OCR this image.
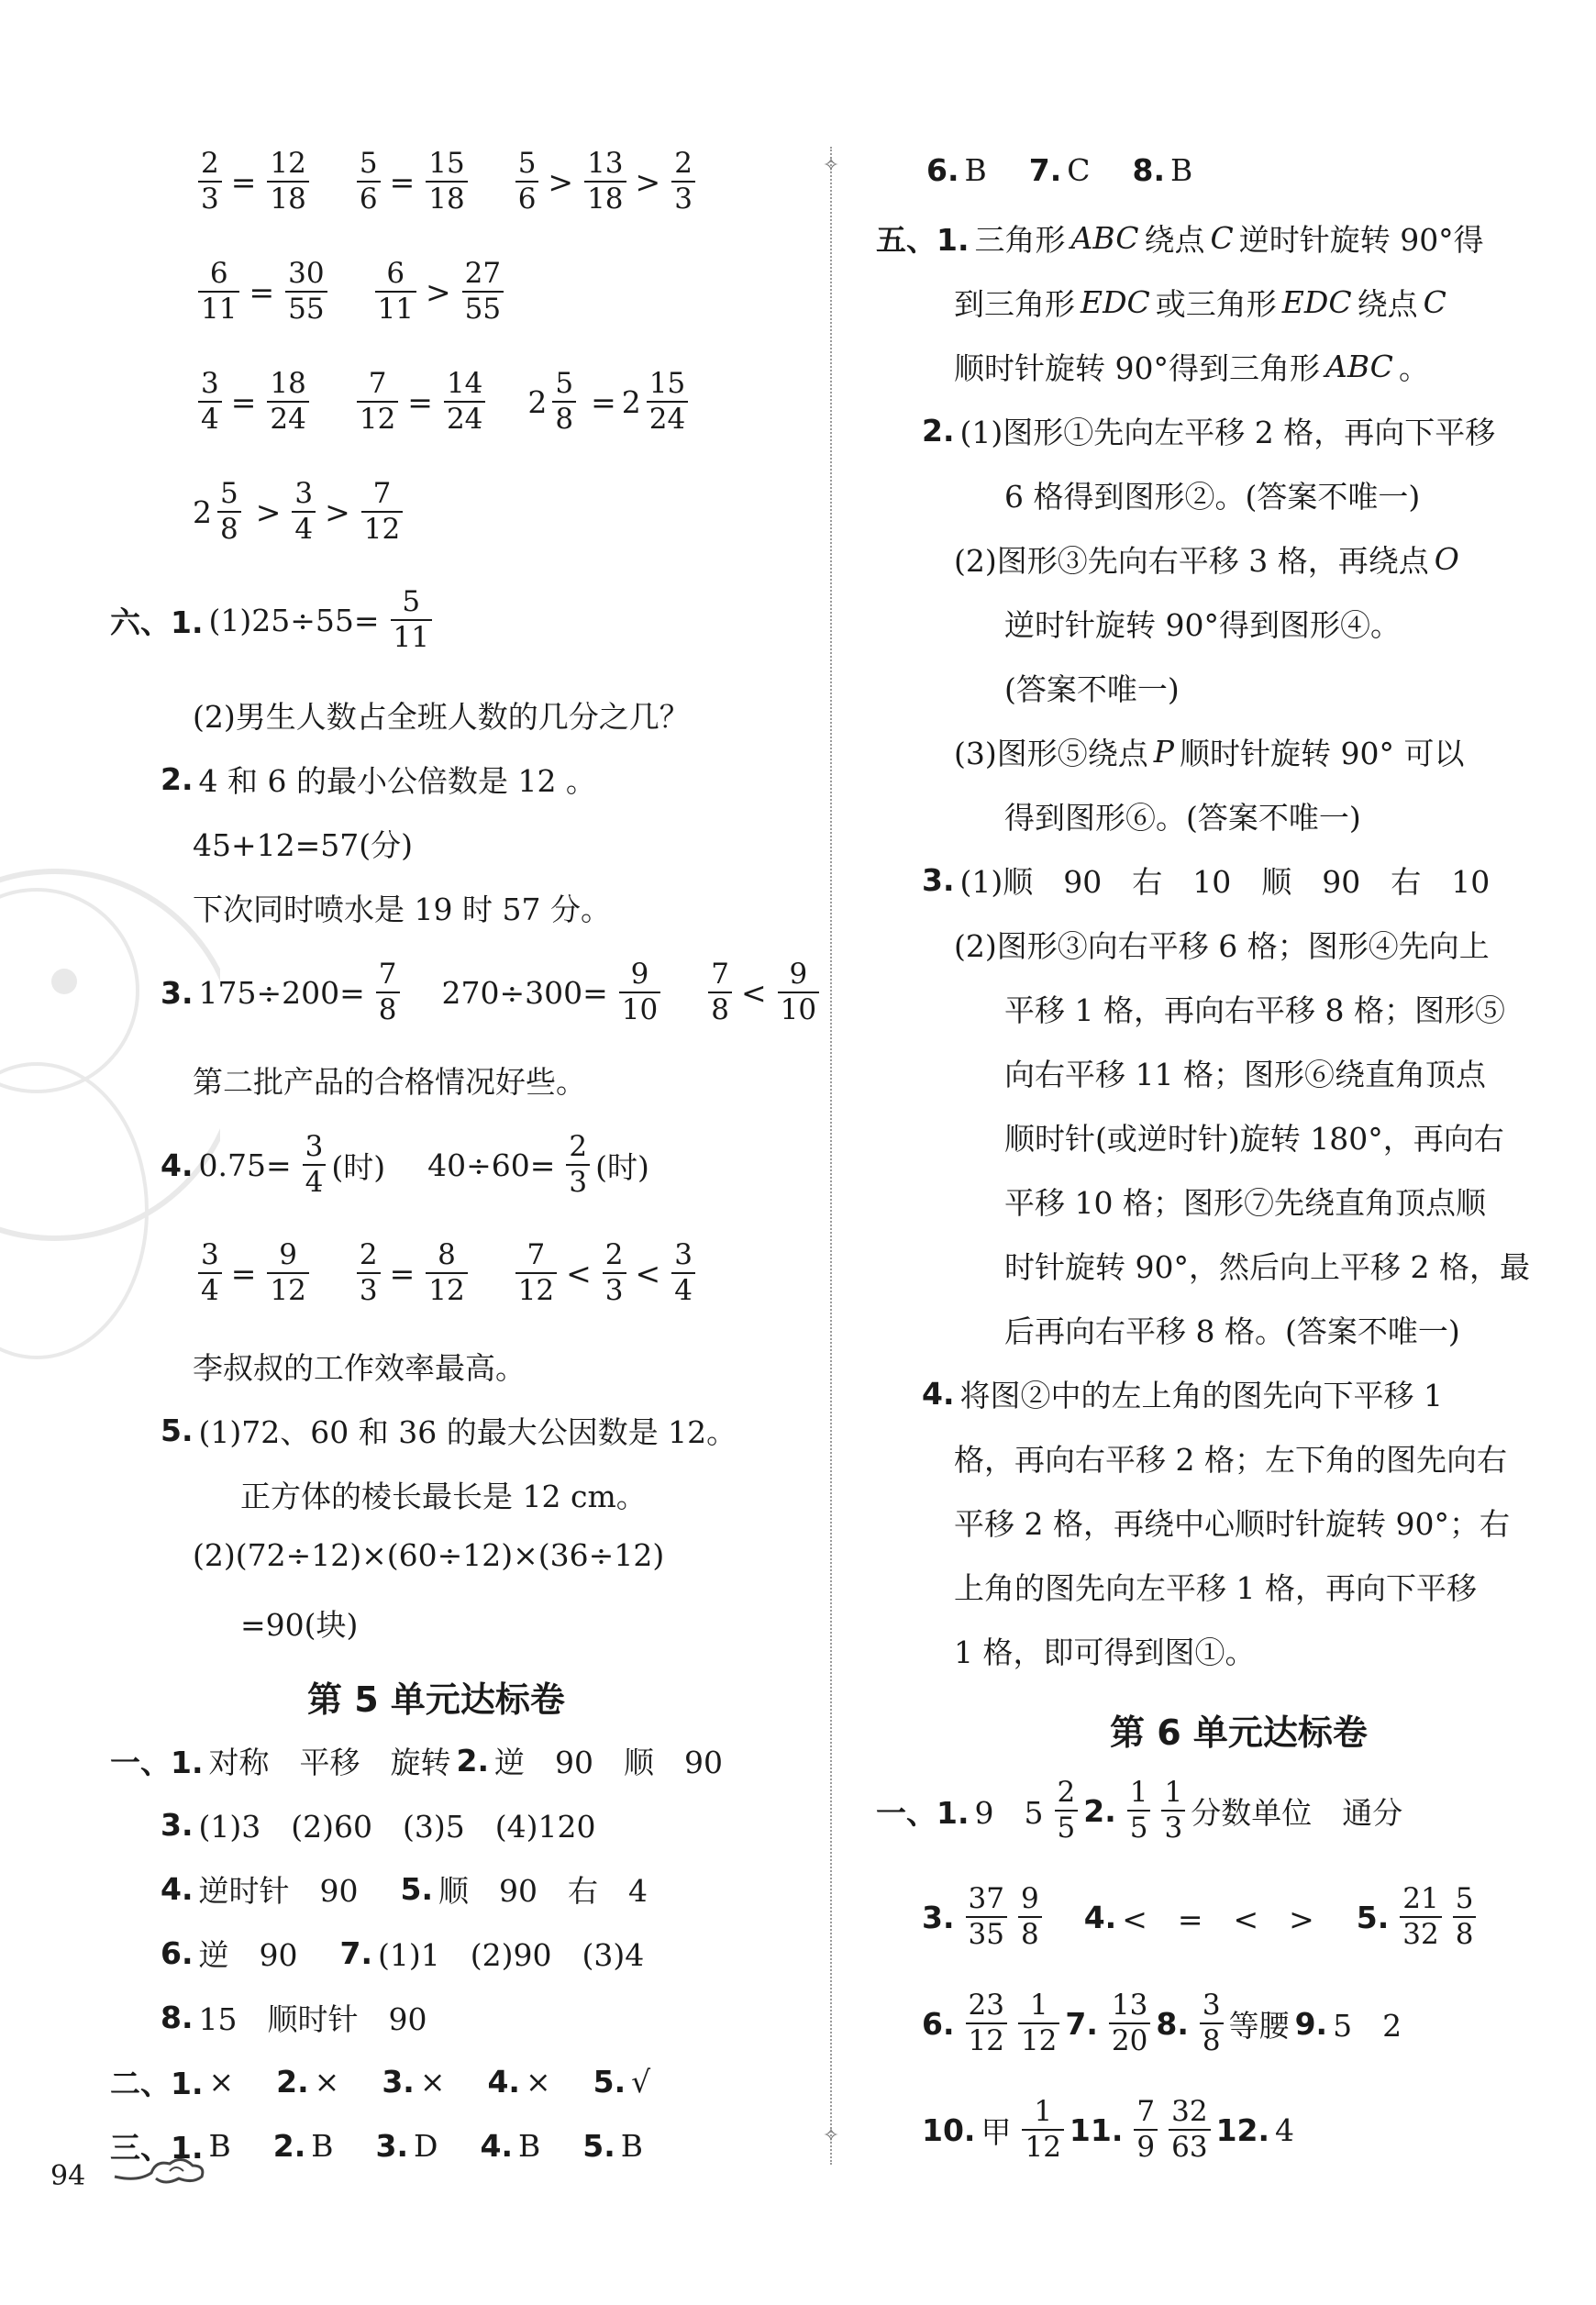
✧
✧
$\frac{2}{3} = \frac{12}{18} \frac{5}{6} = \frac{15}{18} \frac{5}{6} > \frac{13}{18} > \frac{2}{3}$
$\frac{6}{11} = \frac{30}{55} \frac{6}{11} > \frac{27}{55}$
$\frac{3}{4} = \frac{18}{24} \frac{7}{12} = \frac{14}{24} 2 \frac{5}{8} = 2 \frac{15}{24}$
$2 \frac{5}{8} > \frac{3}{4} > \frac{7}{12}$
六、1. $(1)25\div 55= \frac{5}{11}$
(2)男生人数占全班人数的几分之几？
2. 4 和 6 的最小公倍数是 12 。
45+12=57(分)
下次同时喷水是 19 时 57 分。
3. $175\div 200= \frac{7}{8} 270\div 300= \frac{9}{10} \frac{7}{8} < \frac{9}{10}$
第二批产品的合格情况好些。
4. $0.75= \frac{3}{4}$ (时) $40\div 60= \frac{2}{3}$ (时)
$\frac{3}{4} = \frac{9}{12} \frac{2}{3} = \frac{8}{12} \frac{7}{12} < \frac{2}{3} < \frac{3}{4}$
李叔叔的工作效率最高。
5. (1)72、60 和 36 的最大公因数是 12。
正方体的棱长最长是 12 cm。
(2)(72÷12)×(60÷12)×(36÷12)
=90(块)
第 5 单元达标卷
一、1. 对称　平移　旋转 2. 逆　90　顺　90
3. (1)3　(2)60　(3)5　(4)120
4. 逆时针　90 5. 顺　90　右　4
6. 逆　90 7. (1)1　(2)90　(3)4
8. 15　顺时针　90
二、1. × 2. × 3. × 4. × 5. √
三、1. B 2. B 3. D 4. B 5. B
94
6. B 7. C 8. B
五、1. 三角形 ABC 绕点 C 逆时针旋转 90°得
到三角形 EDC 或三角形 EDC 绕点 C
顺时针旋转 90°得到三角形 ABC 。
2. (1)图形①先向左平移 2 格，再向下平移
6 格得到图形②。(答案不唯一)
(2)图形③先向右平移 3 格，再绕点 O
逆时针旋转 90°得到图形④。
(答案不唯一)
(3)图形⑤绕点 P 顺时针旋转 90° 可以
得到图形⑥。(答案不唯一)
3. (1)顺　90　右　10　顺　90　右　10
(2)图形③向右平移 6 格；图形④先向上
平移 1 格，再向右平移 8 格；图形⑤
向右平移 11 格；图形⑥绕直角顶点
顺时针(或逆时针)旋转 180°，再向右
平移 10 格；图形⑦先绕直角顶点顺
时针旋转 90°，然后向上平移 2 格，最
后再向右平移 8 格。(答案不唯一)
4. 将图②中的左上角的图先向下平移 1
格，再向右平移 2 格；左下角的图先向右
平移 2 格，再绕中心顺时针旋转 90°；右
上角的图先向左平移 1 格，再向下平移
1 格，即可得到图①。
第 6 单元达标卷
一、1. 9　$5 \frac{2}{5} 2$. $\frac{1}{5} \frac{1}{3}$ 分数单位　通分
3. $\frac{37}{35} \frac{9}{8} 4$. <　=　<　> 5. $\frac{21}{32} \frac{5}{8}$
6. $\frac{23}{12} \frac{1}{12} 7$. $\frac{13}{20} 8$. $\frac{3}{8}$ 等腰 9. 5　2
10. 甲 $\frac{1}{12} 11$. $\frac{7}{9} \frac{32}{63} 12$. 4
